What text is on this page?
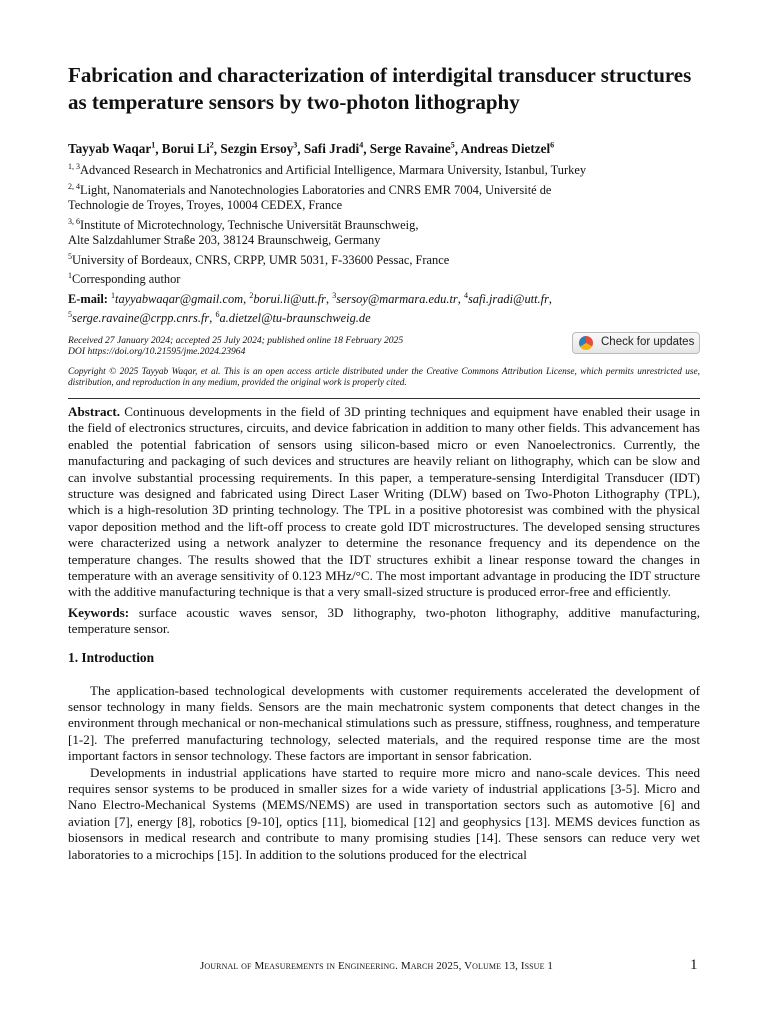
Fabrication and characterization of interdigital transducer structures as temperature sensors by two-photon lithography
Tayyab Waqar$^1$, Borui Li$^2$, Sezgin Ersoy$^3$, Safi Jradi$^4$, Serge Ravaine$^5$, Andreas Dietzel$^6$
$^{1, 3}$Advanced Research in Mechatronics and Artificial Intelligence, Marmara University, Istanbul, Turkey
$^{2, 4}$Light, Nanomaterials and Nanotechnologies Laboratories and CNRS EMR 7004, Université de
Technologie de Troyes, Troyes, 10004 CEDEX, France
$^{3, 6}$Institute of Microtechnology, Technische Universität Braunschweig,
Alte Salzdahlumer Straße 203, 38124 Braunschweig, Germany
$^5$University of Bordeaux, CNRS, CRPP, UMR 5031, F-33600 Pessac, France
$^1$Corresponding author
E-mail: $^1$tayyabwaqar@gmail.com, $^2$borui.li@utt.fr, $^3$sersoy@marmara.edu.tr, $^4$safi.jradi@utt.fr,
$^5$serge.ravaine@crpp.cnrs.fr, $^6$a.dietzel@tu-braunschweig.de
Received 27 January 2024; accepted 25 July 2024; published online 18 February 2025
DOI https://doi.org/10.21595/jme.2024.23964
Check for updates
Copyright © 2025 Tayyab Waqar, et al. This is an open access article distributed under the Creative Commons Attribution License, which permits unrestricted use, distribution, and reproduction in any medium, provided the original work is properly cited.
Abstract. Continuous developments in the field of 3D printing techniques and equipment have enabled their usage in the field of electronics structures, circuits, and device fabrication in addition to many other fields. This advancement has enabled the potential fabrication of sensors using silicon-based micro or even Nanoelectronics. Currently, the manufacturing and packaging of such devices and structures are heavily reliant on lithography, which can be slow and can involve substantial processing requirements. In this paper, a temperature-sensing Interdigital Transducer (IDT) structure was designed and fabricated using Direct Laser Writing (DLW) based on Two-Photon Lithography (TPL), which is a high-resolution 3D printing technology. The TPL in a positive photoresist was combined with the physical vapor deposition method and the lift-off process to create gold IDT microstructures. The developed sensing structures were characterized using a network analyzer to determine the resonance frequency and its dependence on the temperature changes. The results showed that the IDT structures exhibit a linear response toward the changes in temperature with an average sensitivity of 0.123 MHz/°C. The most important advantage in producing the IDT structure with the additive manufacturing technique is that a very small-sized structure is produced error-free and efficiently.
Keywords: surface acoustic waves sensor, 3D lithography, two-photon lithography, additive manufacturing, temperature sensor.
1. Introduction

The application-based technological developments with customer requirements accelerated the development of sensor technology in many fields. Sensors are the main mechatronic system components that detect changes in the environment through mechanical or non-mechanical stimulations such as pressure, stiffness, roughness, and temperature [1-2]. The preferred manufacturing technology, selected materials, and the required response time are the most important factors in sensor technology. These factors are important in sensor fabrication.

Developments in industrial applications have started to require more micro and nano-scale devices. This need requires sensor systems to be produced in smaller sizes for a wide variety of industrial applications [3-5]. Micro and Nano Electro-Mechanical Systems (MEMS/NEMS) are used in transportation sectors such as automotive [6] and aviation [7], energy [8], robotics [9-10], optics [11], biomedical [12] and geophysics [13]. MEMS devices function as biosensors in medical research and contribute to many promising studies [14]. These sensors can reduce very wet laboratories to a microchips [15]. In addition to the solutions produced for the electrical

Journal of Measurements in Engineering. March 2025, Volume 13, Issue 1	1
